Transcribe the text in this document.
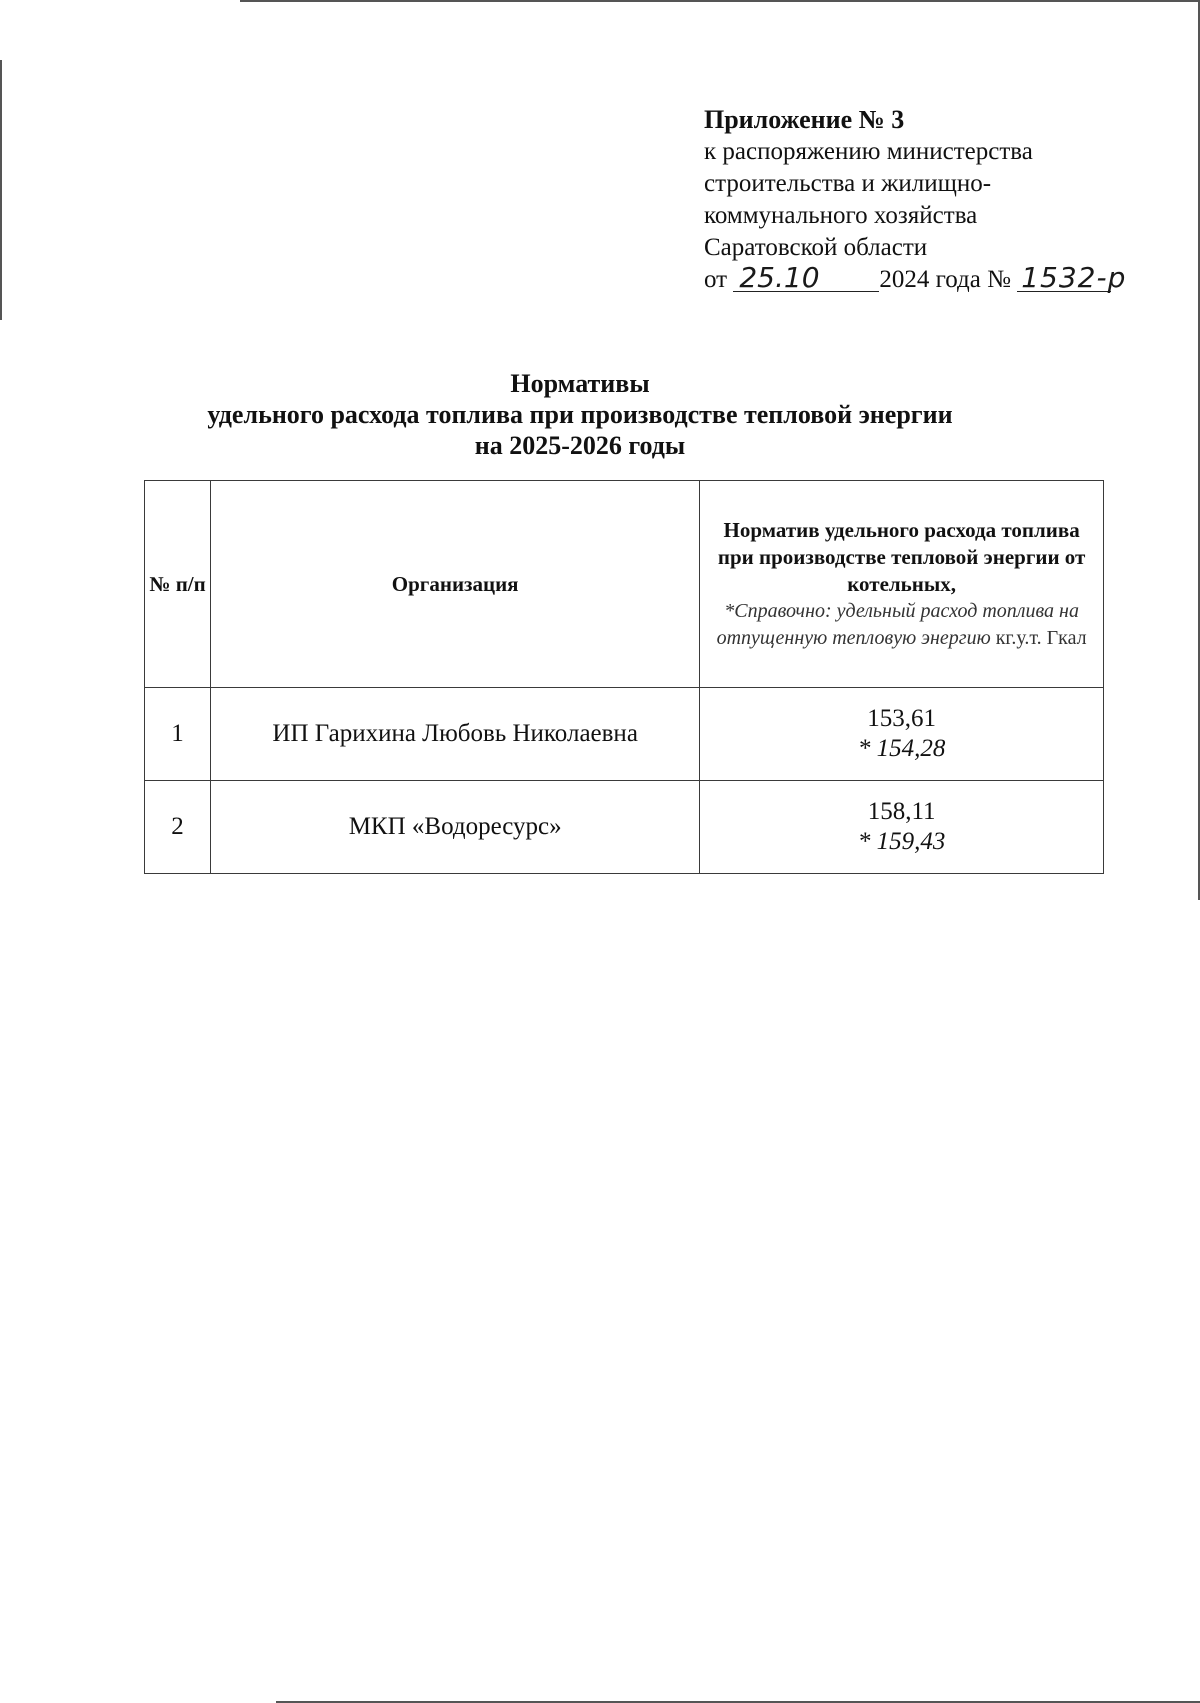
Приложение № 3
к распоряжению министерства
строительства и жилищно-
коммунального хозяйства
Саратовской области
от 25.10 2024 года № 1532-р
Нормативы
удельного расхода топлива при производстве тепловой энергии
на 2025-2026 годы
№ п/п	Организация	Норматив удельного расхода топлива при производстве тепловой энергии от котельных,
*Справочно: удельный расход топлива на отпущенную тепловую энергию кг.у.т. Гкал

1	ИП Гарихина Любовь Николаевна	153,61
* 154,28

2	МКП «Водоресурс»	158,11
* 159,43
